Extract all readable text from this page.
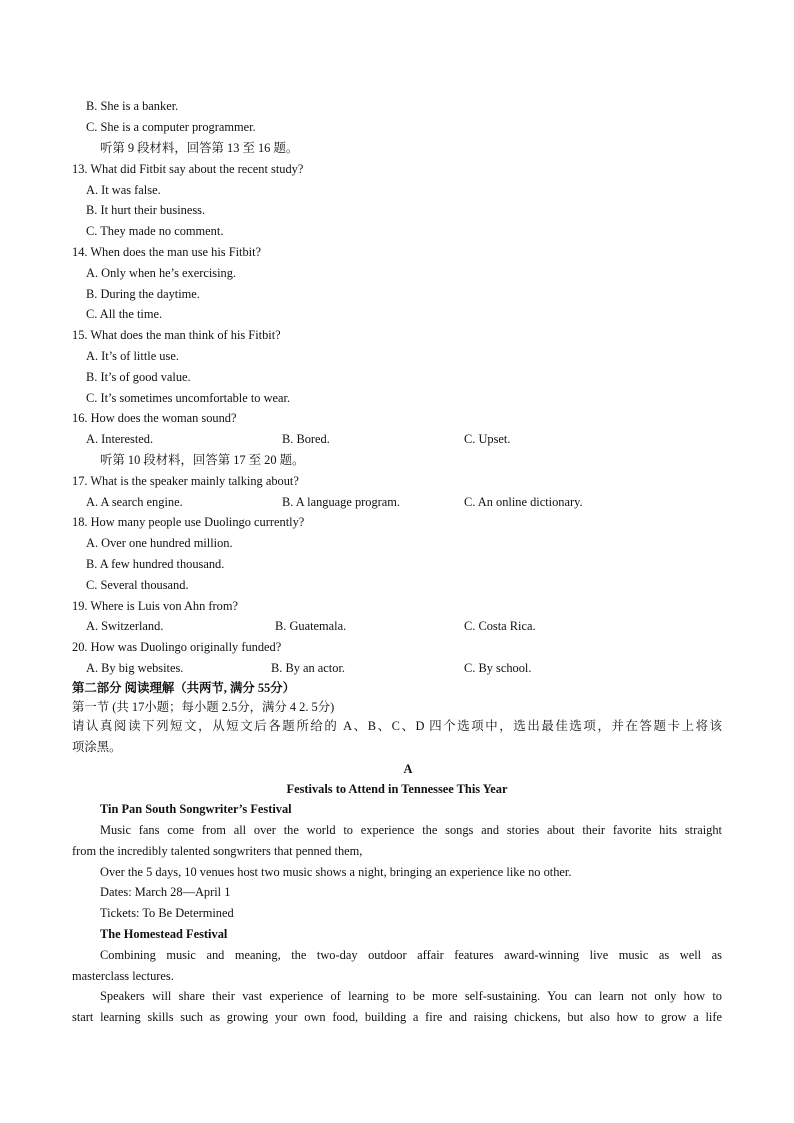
B. She is a banker.
C. She is a computer programmer.
听第 9 段材料，回答第 13 至 16 题。
13. What did Fitbit say about the recent study?
A. It was false.
B. It hurt their business.
C. They made no comment.
14. When does the man use his Fitbit?
A. Only when he’s exercising.
B. During the daytime.
C. All the time.
15. What does the man think of his Fitbit?
A. It’s of little use.
B. It’s of good value.
C. It’s sometimes uncomfortable to wear.
16. How does the woman sound?
A. Interested.	B. Bored.	C. Upset.
听第 10 段材料，回答第 17 至 20 题。
17. What is the speaker mainly talking about?
A. A search engine.	B. A language program.	C. An online dictionary.
18. How many people use Duolingo currently?
A. Over one hundred million.
B. A few hundred thousand.
C. Several thousand.
19. Where is Luis von Ahn from?
A. Switzerland.	B. Guatemala.	C. Costa Rica.
20. How was Duolingo originally funded?
A. By big websites.	B. By an actor.	C. By school.
第二部分 阅读理解（共两节, 满分 55分）
第一节 (共 17小题；每小题 2.5分，满分 4 2. 5分)
请认真阅读下列短文，从短文后各题所给的 A、B、C、D 四个选项中，选出最佳选项，并在答题卡上将该
项涂黑。
A
Festivals to Attend in Tennessee This Year
Tin Pan South Songwriter’s Festival
Music fans come from all over the world to experience the songs and stories about their favorite hits straight
from the incredibly talented songwriters that penned them,
Over the 5 days, 10 venues host two music shows a night, bringing an experience like no other.
Dates: March 28—April 1
Tickets: To Be Determined
The Homestead Festival
Combining music and meaning, the two-day outdoor affair features award-winning live music as well as
masterclass lectures.
Speakers will share their vast experience of learning to be more self-sustaining. You can learn not only how to
start learning skills such as growing your own food, building a fire and raising chickens, but also how to grow a life
